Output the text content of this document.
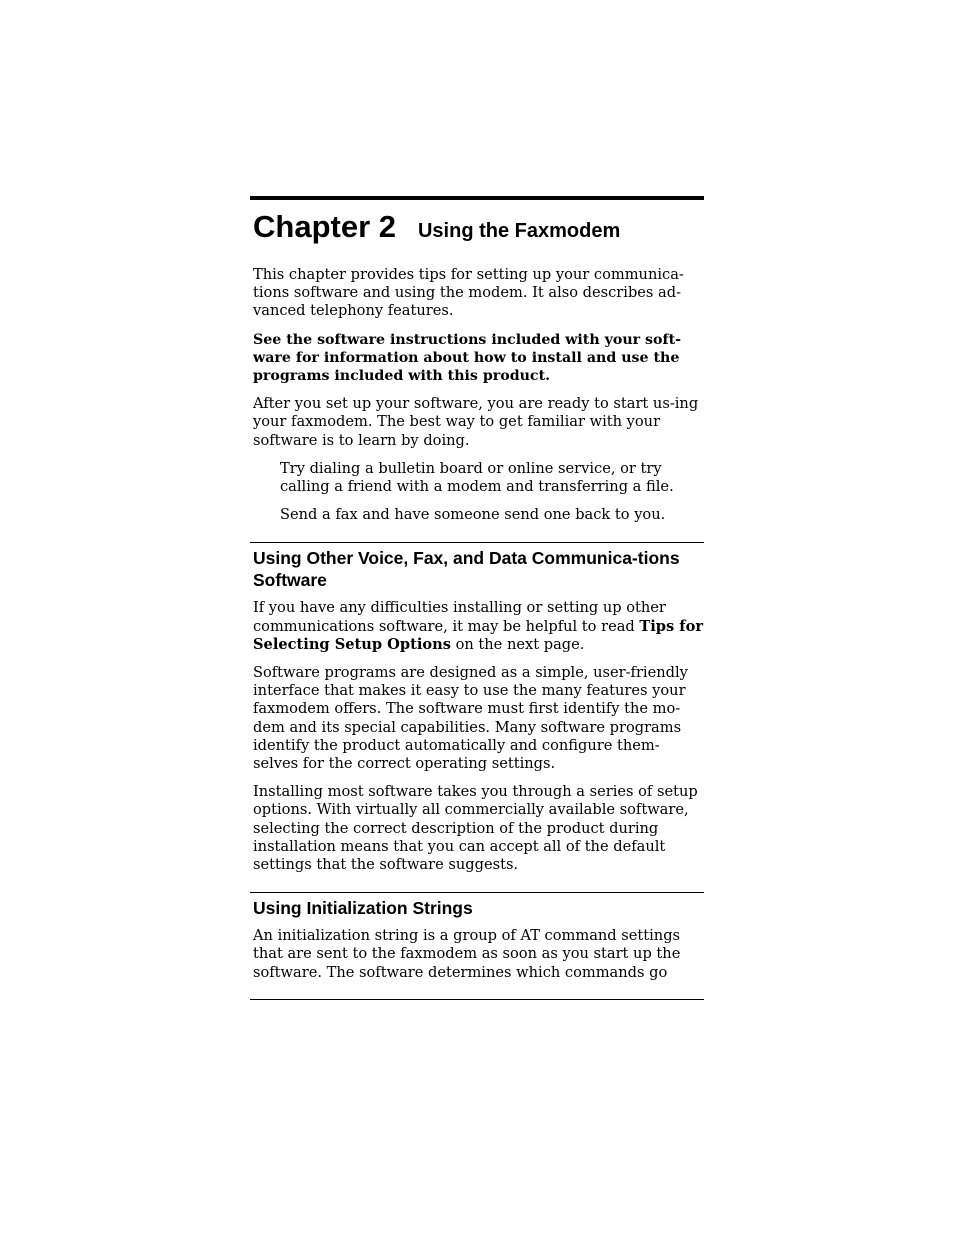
Chapter 2 Using the Faxmodem

This chapter provides tips for setting up your communica-tions software and using the modem. It also describes ad-vanced telephony features.

See the software instructions included with your soft-ware for information about how to install and use the programs included with this product.

After you set up your software, you are ready to start us-ing your faxmodem. The best way to get familiar with your software is to learn by doing.

Try dialing a bulletin board or online service, or try calling a friend with a modem and transferring a file.

Send a fax and have someone send one back to you.

Using Other Voice, Fax, and Data Communica-tions Software

If you have any difficulties installing or setting up other communications software, it may be helpful to read Tips for Selecting Setup Options on the next page.

Software programs are designed as a simple, user-friendly interface that makes it easy to use the many features your faxmodem offers. The software must first identify the mo-dem and its special capabilities. Many software programs identify the product automatically and configure them-selves for the correct operating settings.

Installing most software takes you through a series of setup options. With virtually all commercially available software, selecting the correct description of the product during installation means that you can accept all of the default settings that the software suggests.

Using Initialization Strings

An initialization string is a group of AT command settings that are sent to the faxmodem as soon as you start up the software. The software determines which commands go
